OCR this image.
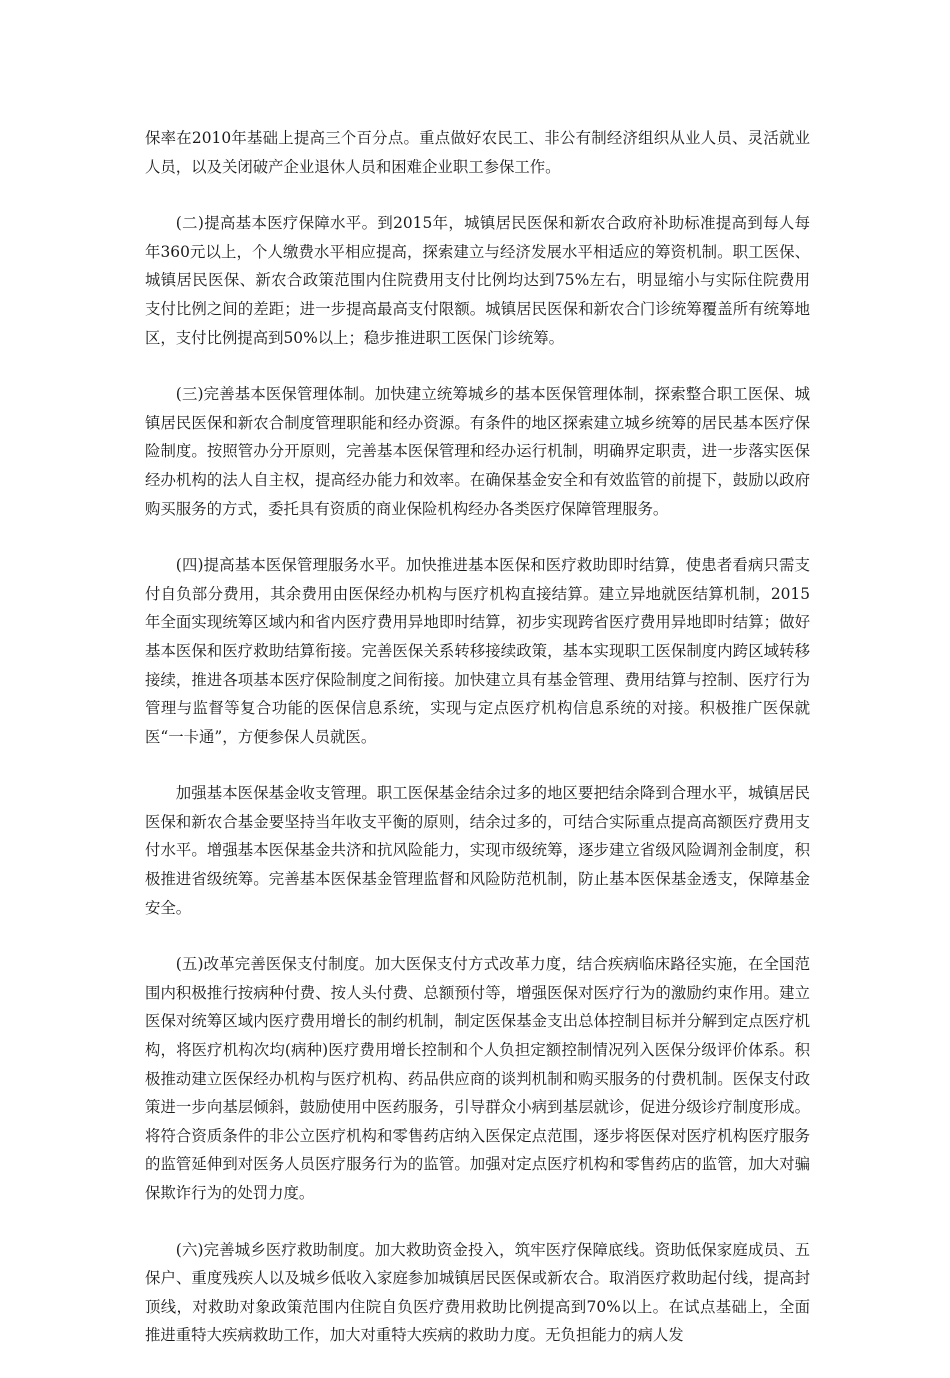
保率在2010年基础上提高三个百分点。重点做好农民工、非公有制经济组织从业人员、灵活就业人员，以及关闭破产企业退休人员和困难企业职工参保工作。

(二)提高基本医疗保障水平。到2015年，城镇居民医保和新农合政府补助标准提高到每人每年360元以上，个人缴费水平相应提高，探索建立与经济发展水平相适应的筹资机制。职工医保、城镇居民医保、新农合政策范围内住院费用支付比例均达到75%左右，明显缩小与实际住院费用支付比例之间的差距；进一步提高最高支付限额。城镇居民医保和新农合门诊统筹覆盖所有统筹地区，支付比例提高到50%以上；稳步推进职工医保门诊统筹。

(三)完善基本医保管理体制。加快建立统筹城乡的基本医保管理体制，探索整合职工医保、城镇居民医保和新农合制度管理职能和经办资源。有条件的地区探索建立城乡统筹的居民基本医疗保险制度。按照管办分开原则，完善基本医保管理和经办运行机制，明确界定职责，进一步落实医保经办机构的法人自主权，提高经办能力和效率。在确保基金安全和有效监管的前提下，鼓励以政府购买服务的方式，委托具有资质的商业保险机构经办各类医疗保障管理服务。

(四)提高基本医保管理服务水平。加快推进基本医保和医疗救助即时结算，使患者看病只需支付自负部分费用，其余费用由医保经办机构与医疗机构直接结算。建立异地就医结算机制，2015年全面实现统筹区域内和省内医疗费用异地即时结算，初步实现跨省医疗费用异地即时结算；做好基本医保和医疗救助结算衔接。完善医保关系转移接续政策，基本实现职工医保制度内跨区域转移接续，推进各项基本医疗保险制度之间衔接。加快建立具有基金管理、费用结算与控制、医疗行为管理与监督等复合功能的医保信息系统，实现与定点医疗机构信息系统的对接。积极推广医保就医“一卡通”，方便参保人员就医。

加强基本医保基金收支管理。职工医保基金结余过多的地区要把结余降到合理水平，城镇居民医保和新农合基金要坚持当年收支平衡的原则，结余过多的，可结合实际重点提高高额医疗费用支付水平。增强基本医保基金共济和抗风险能力，实现市级统筹，逐步建立省级风险调剂金制度，积极推进省级统筹。完善基本医保基金管理监督和风险防范机制，防止基本医保基金透支，保障基金安全。

(五)改革完善医保支付制度。加大医保支付方式改革力度，结合疾病临床路径实施，在全国范围内积极推行按病种付费、按人头付费、总额预付等，增强医保对医疗行为的激励约束作用。建立医保对统筹区域内医疗费用增长的制约机制，制定医保基金支出总体控制目标并分解到定点医疗机构，将医疗机构次均(病种)医疗费用增长控制和个人负担定额控制情况列入医保分级评价体系。积极推动建立医保经办机构与医疗机构、药品供应商的谈判机制和购买服务的付费机制。医保支付政策进一步向基层倾斜，鼓励使用中医药服务，引导群众小病到基层就诊，促进分级诊疗制度形成。将符合资质条件的非公立医疗机构和零售药店纳入医保定点范围，逐步将医保对医疗机构医疗服务的监管延伸到对医务人员医疗服务行为的监管。加强对定点医疗机构和零售药店的监管，加大对骗保欺诈行为的处罚力度。

(六)完善城乡医疗救助制度。加大救助资金投入，筑牢医疗保障底线。资助低保家庭成员、五保户、重度残疾人以及城乡低收入家庭参加城镇居民医保或新农合。取消医疗救助起付线，提高封顶线，对救助对象政策范围内住院自负医疗费用救助比例提高到70%以上。在试点基础上，全面推进重特大疾病救助工作，加大对重特大疾病的救助力度。无负担能力的病人发
